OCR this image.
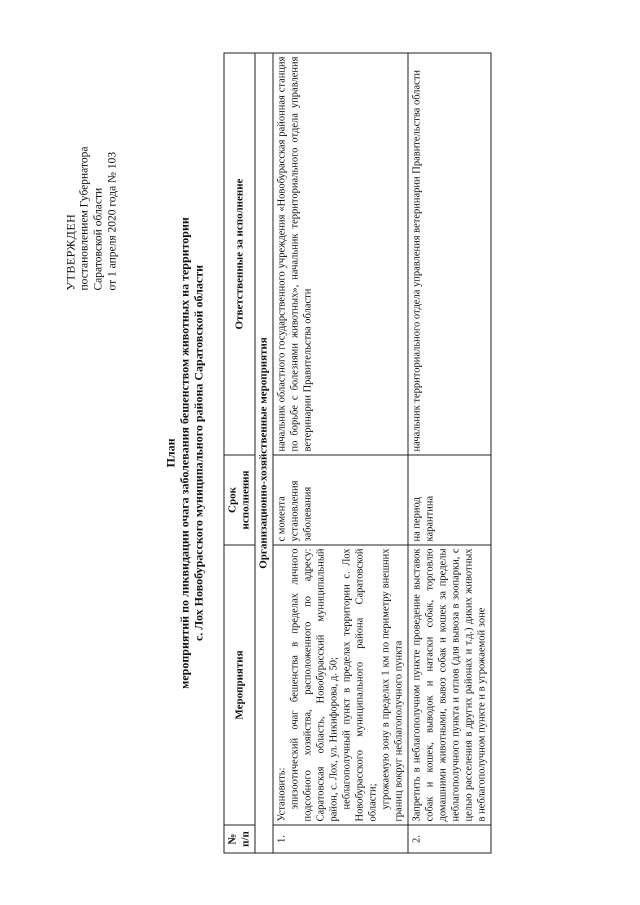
УТВЕРЖДЕН постановлением Губернатора Саратовской области от 1 апреля 2020 года № 103
План мероприятий по ликвидации очага заболевания бешенством животных на территории с. Лох Новобурасского муниципального района Саратовской области
№ п/п	Мероприятия	Срок исполнения	Ответственные за исполнение
Организационно-хозяйственные мероприятия			
1.	Установить: эпизоотический очаг бешенства в пределах личного подсобного хозяйства, расположенного по адресу: Саратовская область, Новобурасский муниципальный район, с. Лох, ул. Никифорова, д. 50; неблагополучный пункт в пределах территории с. Лох Новобурасского муниципального района Саратовской области; угрожаемую зону в пределах 1 км по периметру внешних границ вокруг неблагополучного пункта	с момента установления заболевания	начальник областного государственного учреждения «Новобурасская районная станция по борьбе с болезнями животных», начальник территориального отдела управления ветеринарии Правительства области
2.	Запретить в неблагополучном пункте проведение выставок собак и кошек, выводок и натаски собак, торговлю домашними животными, вывоз собак и кошек за пределы неблагополучного пункта и отлов (для вывоза в зоопарки, с целью расселения в других районах и т.д.) диких животных в неблагополучном пункте и в угрожаемой зоне	на период карантина	начальник территориального отдела управления ветеринарии Правительства области
